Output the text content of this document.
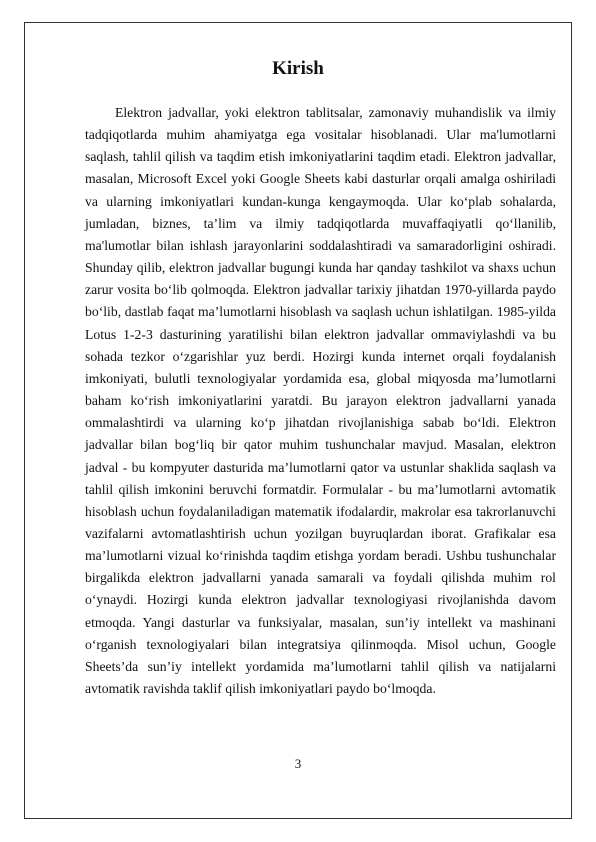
Kirish

Elektron jadvallar, yoki elektron tablitsalar, zamonaviy muhandislik va ilmiy tadqiqotlarda muhim ahamiyatga ega vositalar hisoblanadi. Ular ma'lumotlarni saqlash, tahlil qilish va taqdim etish imkoniyatlarini taqdim etadi. Elektron jadvallar, masalan, Microsoft Excel yoki Google Sheets kabi dasturlar orqali amalga oshiriladi va ularning imkoniyatlari kundan-kunga kengaymoqda. Ular ko‘plab sohalarda, jumladan, biznes, ta’lim va ilmiy tadqiqotlarda muvaffaqiyatli qo‘llanilib, ma'lumotlar bilan ishlash jarayonlarini soddalashtiradi va samaradorligini oshiradi. Shunday qilib, elektron jadvallar bugungi kunda har qanday tashkilot va shaxs uchun zarur vosita bo‘lib qolmoqda. Elektron jadvallar tarixiy jihatdan 1970-yillarda paydo bo‘lib, dastlab faqat ma’lumotlarni hisoblash va saqlash uchun ishlatilgan. 1985-yilda Lotus 1-2-3 dasturining yaratilishi bilan elektron jadvallar ommaviylashdi va bu sohada tezkor o‘zgarishlar yuz berdi. Hozirgi kunda internet orqali foydalanish imkoniyati, bulutli texnologiyalar yordamida esa, global miqyosda ma’lumotlarni baham ko‘rish imkoniyatlarini yaratdi. Bu jarayon elektron jadvallarni yanada ommalashtirdi va ularning ko‘p jihatdan rivojlanishiga sabab bo‘ldi. Elektron jadvallar bilan bog‘liq bir qator muhim tushunchalar mavjud. Masalan, elektron jadval - bu kompyuter dasturida ma’lumotlarni qator va ustunlar shaklida saqlash va tahlil qilish imkonini beruvchi formatdir. Formulalar - bu ma’lumotlarni avtomatik hisoblash uchun foydalaniladigan matematik ifodalardir, makrolar esa takrorlanuvchi vazifalarni avtomatlashtirish uchun yozilgan buyruqlardan iborat. Grafikalar esa ma’lumotlarni vizual ko‘rinishda taqdim etishga yordam beradi. Ushbu tushunchalar birgalikda elektron jadvallarni yanada samarali va foydali qilishda muhim rol o‘ynaydi. Hozirgi kunda elektron jadvallar texnologiyasi rivojlanishda davom etmoqda. Yangi dasturlar va funksiyalar, masalan, sun’iy intellekt va mashinani o‘rganish texnologiyalari bilan integratsiya qilinmoqda. Misol uchun, Google Sheets’da sun’iy intellekt yordamida ma’lumotlarni tahlil qilish va natijalarni avtomatik ravishda taklif qilish imkoniyatlari paydo bo‘lmoqda.

3
